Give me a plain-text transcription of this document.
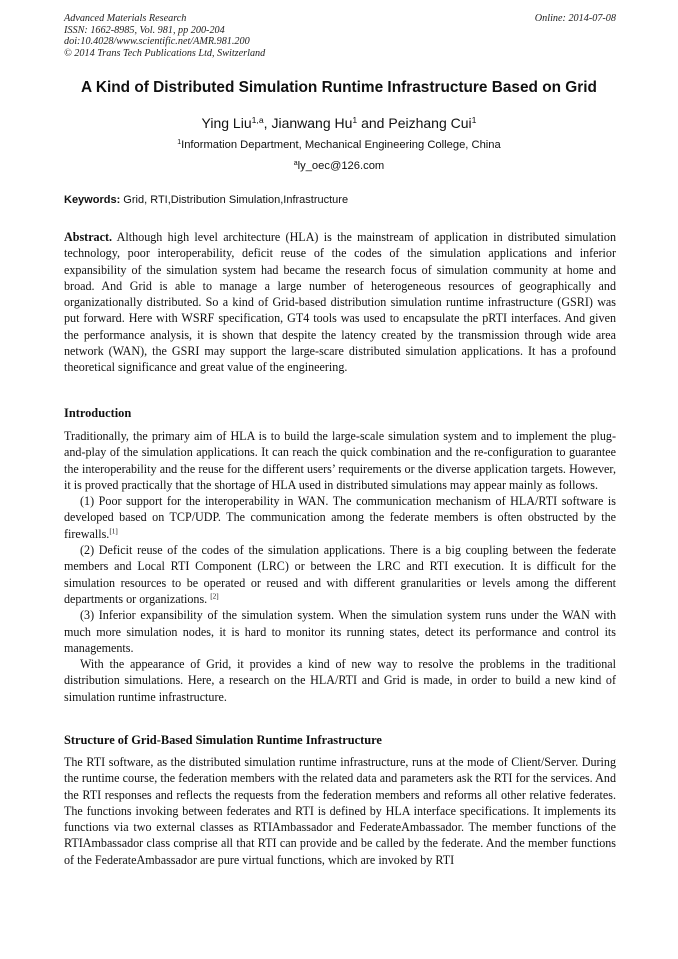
Advanced Materials Research
ISSN: 1662-8985, Vol. 981, pp 200-204
doi:10.4028/www.scientific.net/AMR.981.200
© 2014 Trans Tech Publications Ltd, Switzerland
Online: 2014-07-08
A Kind of Distributed Simulation Runtime Infrastructure Based on Grid
Ying Liu$^{1,a}$, Jianwang Hu$^1$ and Peizhang Cui$^1$
$^1$Information Department, Mechanical Engineering College, China
$^a$ly_oec@126.com
Keywords: Grid, RTI,Distribution Simulation,Infrastructure

Abstract. Although high level architecture (HLA) is the mainstream of application in distributed simulation technology, poor interoperability, deficit reuse of the codes of the simulation applications and inferior expansibility of the simulation system had became the research focus of simulation community at home and broad. And Grid is able to manage a large number of heterogeneous resources of geographically and organizationally distributed. So a kind of Grid-based distribution simulation runtime infrastructure (GSRI) was put forward. Here with WSRF specification, GT4 tools was used to encapsulate the pRTI interfaces. And given the performance analysis, it is shown that despite the latency created by the transmission through wide area network (WAN), the GSRI may support the large-scare distributed simulation applications. It has a profound theoretical significance and great value of the engineering.

Introduction

Traditionally, the primary aim of HLA is to build the large-scale simulation system and to implement the plug-and-play of the simulation applications. It can reach the quick combination and the re-configuration to guarantee the interoperability and the reuse for the different users’ requirements or the diverse application targets. However, it is proved practically that the shortage of HLA used in distributed simulations may appear mainly as follows.

(1) Poor support for the interoperability in WAN. The communication mechanism of HLA/RTI software is developed based on TCP/UDP. The communication among the federate members is often obstructed by the firewalls.[1]

(2) Deficit reuse of the codes of the simulation applications. There is a big coupling between the federate members and Local RTI Component (LRC) or between the LRC and RTI execution. It is difficult for the simulation resources to be operated or reused and with different granularities or levels among the different departments or organizations. [2]

(3) Inferior expansibility of the simulation system. When the simulation system runs under the WAN with much more simulation nodes, it is hard to monitor its running states, detect its performance and control its managements.

With the appearance of Grid, it provides a kind of new way to resolve the problems in the traditional distribution simulations. Here, a research on the HLA/RTI and Grid is made, in order to build a new kind of simulation runtime infrastructure.

Structure of Grid-Based Simulation Runtime Infrastructure

The RTI software, as the distributed simulation runtime infrastructure, runs at the mode of Client/Server. During the runtime course, the federation members with the related data and parameters ask the RTI for the services. And the RTI responses and reflects the requests from the federation members and reforms all other relative federates. The functions invoking between federates and RTI is defined by HLA interface specifications. It implements its functions via two external classes as RTIAmbassador and FederateAmbassador. The member functions of the RTIAmbassador class comprise all that RTI can provide and be called by the federate. And the member functions of the FederateAmbassador are pure virtual functions, which are invoked by RTI
